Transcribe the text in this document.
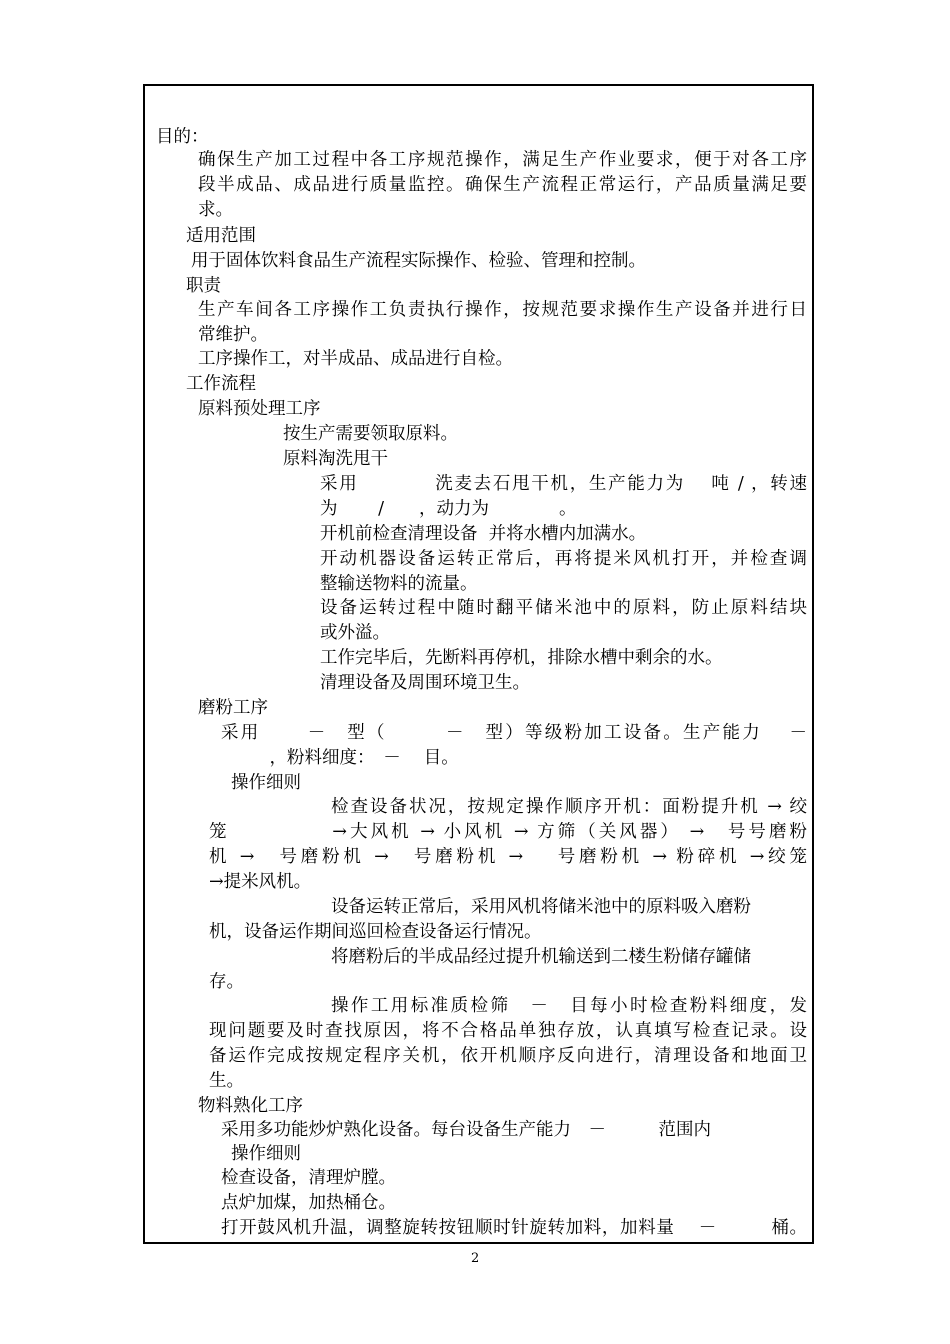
目的：
确保生产加工过程中各工序规范操作，满足生产作业要求，便于对各工序
段半成品、成品进行质量监控。确保生产流程正常运行，产品质量满足要
求。
适用范围
用于固体饮料食品生产流程实际操作、检验、管理和控制。
职责
生产车间各工序操作工负责执行操作，按规范要求操作生产设备并进行日
常维护。
工序操作工，对半成品、成品进行自检。
工作流程
原料预处理工序
按生产需要领取原料。
原料淘洗甩干
采用　　　　洗麦去石甩干机，生产能力为　 吨 / ，转速
为　　 /　　，动力为　　　　。
开机前检查清理设备  并将水槽内加满水。
开动机器设备运转正常后，再将提米风机打开，并检查调
整输送物料的流量。
设备运转过程中随时翻平储米池中的原料，防止原料结块
或外溢。
工作完毕后，先断料再停机，排除水槽中剩余的水。
清理设备及周围环境卫生。
磨粉工序
采用　　 －　型（　　　－　型）等级粉加工设备。生产能力　 －
　，粉料细度：　－　 目。
操作细则
检查设备状况，按规定操作顺序开机：面粉提升机 → 绞
笼　　　　　→大风机 → 小风机 → 方筛（关风器） →　号号磨粉
机 →　号磨粉机 →　号磨粉机 →　 号磨粉机 → 粉碎机 →绞笼
→提米风机。
设备运转正常后，采用风机将储米池中的原料吸入磨粉
机，设备运作期间巡回检查设备运行情况。
将磨粉后的半成品经过提升机输送到二楼生粉储存罐储
存。
操作工用标准质检筛　－　目每小时检查粉料细度，发
现问题要及时查找原因，将不合格品单独存放，认真填写检查记录。设
备运作完成按规定程序关机，依开机顺序反向进行，清理设备和地面卫
生。
物料熟化工序
采用多功能炒炉熟化设备。每台设备生产能力　－　　　范围内
操作细则
检查设备，清理炉膛。
点炉加煤，加热桶仓。
打开鼓风机升温，调整旋转按钮顺时针旋转加料，加料量　 －　　　桶。
2
